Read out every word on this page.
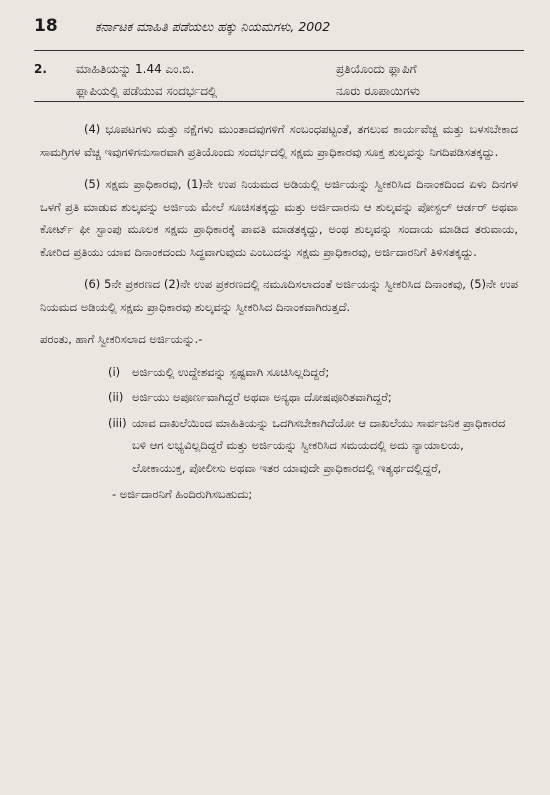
18	ಕರ್ನಾಟಕ ಮಾಹಿತಿ ಪಡೆಯಲು ಹಕ್ಕು ನಿಯಮಗಳು, 2002
2. ಮಾಹಿತಿಯನ್ನು 1.44 ಎಂ.ಬಿ.
ಫ್ಲಾಪಿಯಲ್ಲಿ ಪಡೆಯುವ ಸಂದರ್ಭದಲ್ಲಿ
ಪ್ರತಿಯೊಂದು ಫ್ಲಾಪಿಗೆ
ನೂರು ರೂಪಾಯಿಗಳು

(4) ಭೂಪಟಗಳು ಮತ್ತು ನಕ್ಷೆಗಳು ಮುಂತಾದವುಗಳಿಗೆ ಸಂಬಂಧಪಟ್ಟಂತೆ, ತಗಲುವ ಕಾರ್ಯವೆಚ್ಚ ಮತ್ತು ಬಳಸಬೇಕಾದ ಸಾಮಗ್ರಿಗಳ ವೆಚ್ಚ ಇವುಗಳಿಗನುಸಾರವಾಗಿ ಪ್ರತಿಯೊಂದು ಸಂದರ್ಭದಲ್ಲಿ ಸಕ್ಷಮ ಪ್ರಾಧಿಕಾರವು ಸೂಕ್ತ ಶುಲ್ಕವನ್ನು ನಿಗದಿಪಡಿಸತಕ್ಕದ್ದು.

(5) ಸಕ್ಷಮ ಪ್ರಾಧಿಕಾರವು, (1)ನೇ ಉಪ ನಿಯಮದ ಅಡಿಯಲ್ಲಿ ಅರ್ಜಿಯನ್ನು ಸ್ವೀಕರಿಸಿದ ದಿನಾಂಕದಿಂದ ಏಳು ದಿನಗಳ ಒಳಗೆ ಪ್ರತಿ ಮಾಡುವ ಶುಲ್ಕವನ್ನು ಅರ್ಜಿಯ ಮೇಲೆ ಸೂಚಿಸತಕ್ಕದ್ದು ಮತ್ತು ಅರ್ಜಿದಾರನು ಆ ಶುಲ್ಕವನ್ನು ಪೋಸ್ಟಲ್ ಆರ್ಡರ್ ಅಥವಾ ಕೋರ್ಟ್ ಫೀ ಸ್ಟಾಂಪು ಮೂಲಕ ಸಕ್ಷಮ ಪ್ರಾಧಿಕಾರಕ್ಕೆ ಪಾವತಿ ಮಾಡತಕ್ಕದ್ದು, ಅಂಥ ಶುಲ್ಕವನ್ನು ಸಂದಾಯ ಮಾಡಿದ ತರುವಾಯ, ಕೋರಿದ ಪ್ರತಿಯು ಯಾವ ದಿನಾಂಕದಂದು ಸಿದ್ಧವಾಗುವುದು ಎಂಬುದನ್ನು ಸಕ್ಷಮ ಪ್ರಾಧಿಕಾರವು, ಅರ್ಜಿದಾರನಿಗೆ ತಿಳಿಸತಕ್ಕದ್ದು.

(6) 5ನೇ ಪ್ರಕರಣದ (2)ನೇ ಉಪ ಪ್ರಕರಣದಲ್ಲಿ ನಮೂದಿಸಲಾದಂತೆ ಅರ್ಜಿಯನ್ನು ಸ್ವೀಕರಿಸಿದ ದಿನಾಂಕವು, (5)ನೇ ಉಪ ನಿಯಮದ ಅಡಿಯಲ್ಲಿ ಸಕ್ಷಮ ಪ್ರಾಧಿಕಾರವು ಶುಲ್ಕವನ್ನು ಸ್ವೀಕರಿಸಿದ ದಿನಾಂಕವಾಗಿರುತ್ತದೆ.

ಪರಂತು, ಹಾಗೆ ಸ್ವೀಕರಿಸಲಾದ ಅರ್ಜಿಯನ್ನು.-

(i) ಅರ್ಜಿಯಲ್ಲಿ ಉದ್ದೇಶವನ್ನು ಸ್ಪಷ್ಟವಾಗಿ ಸೂಚಿಸಿಲ್ಲದಿದ್ದರೆ;
(ii) ಅರ್ಜಿಯು ಅಪೂರ್ಣವಾಗಿದ್ದರೆ ಅಥವಾ ಅನ್ಯಥಾ ದೋಷಪೂರಿತವಾಗಿದ್ದರೆ;
(iii) ಯಾವ ದಾಖಲೆಯಿಂದ ಮಾಹಿತಿಯನ್ನು ಒದಗಿಸಬೇಕಾಗಿದೆಯೋ ಆ ದಾಖಲೆಯು ಸಾರ್ವಜನಿಕ ಪ್ರಾಧಿಕಾರದ ಬಳಿ ಆಗ ಲಭ್ಯವಿಲ್ಲದಿದ್ದರೆ ಮತ್ತು ಅರ್ಜಿಯನ್ನು ಸ್ವೀಕರಿಸಿದ ಸಮಯದಲ್ಲಿ ಅದು ನ್ಯಾಯಾಲಯ, ಲೋಕಾಯುಕ್ತ, ಪೋಲೀಸು ಅಥವಾ ಇತರ ಯಾವುದೇ ಪ್ರಾಧಿಕಾರದಲ್ಲಿ ಇತ್ಯರ್ಥದಲ್ಲಿದ್ದರೆ,
- ಅರ್ಜಿದಾರನಿಗೆ ಹಿಂದಿರುಗಿಸಬಹುದು;
